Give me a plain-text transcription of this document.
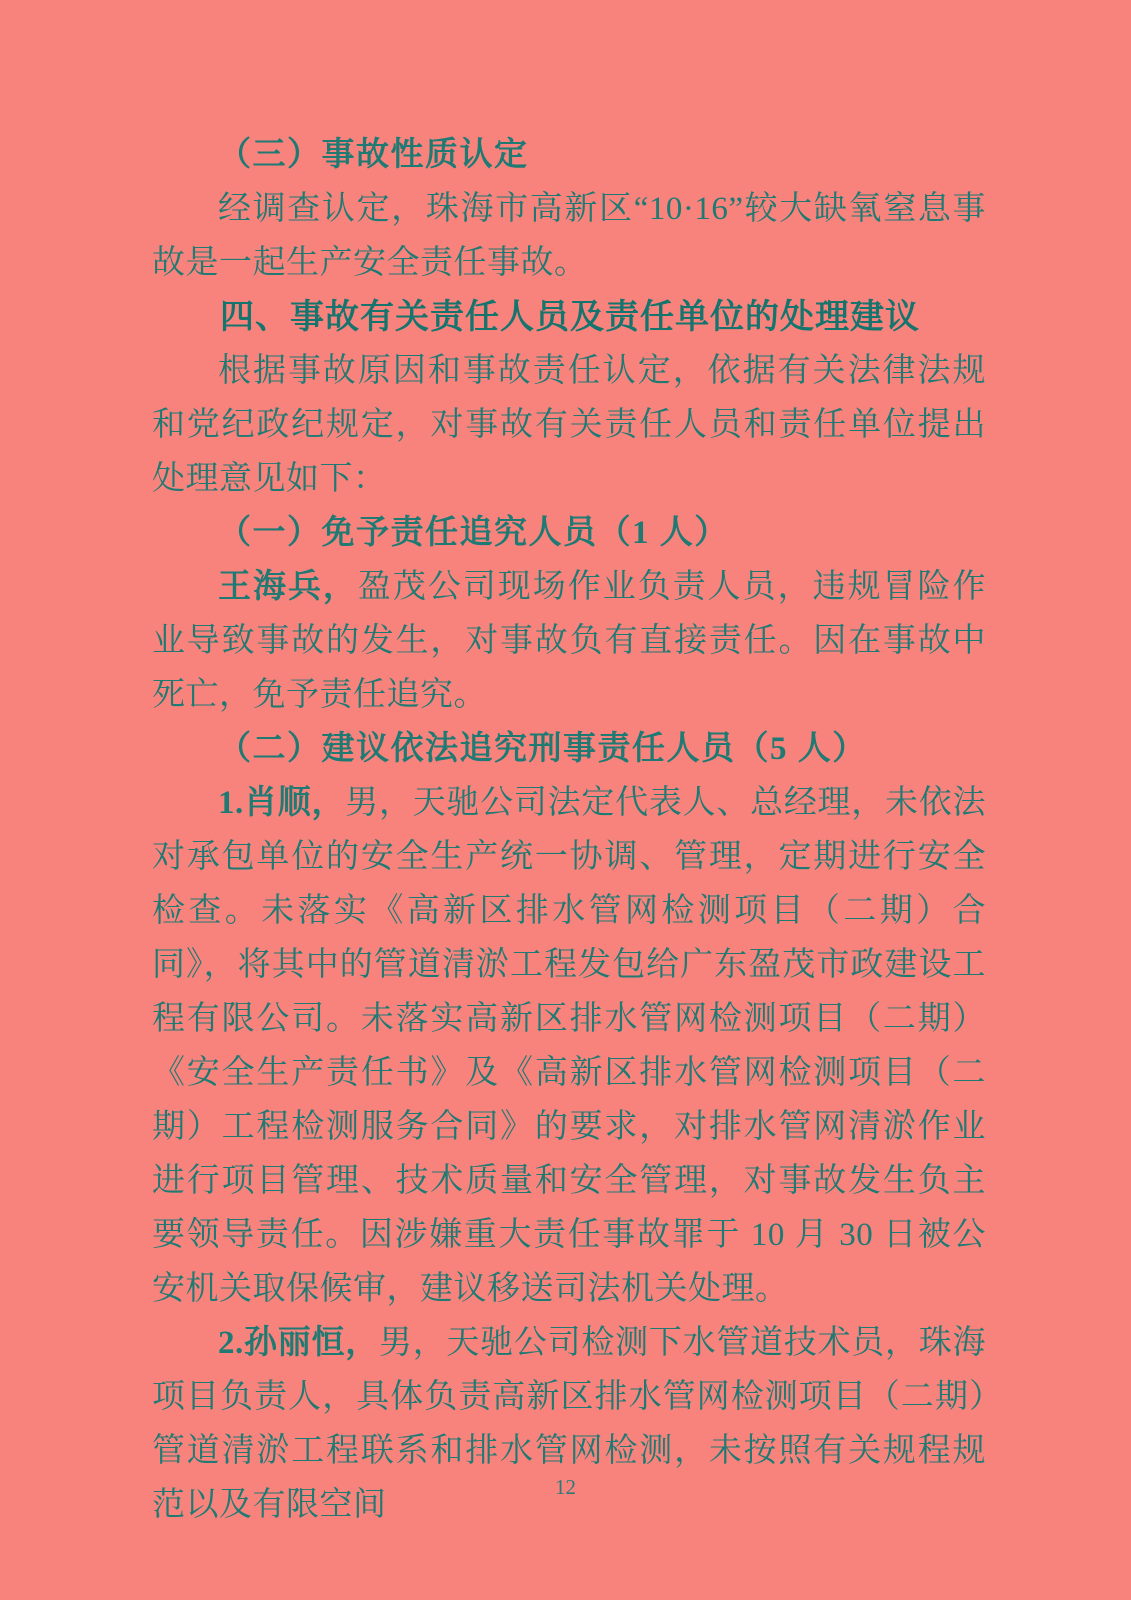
（三）事故性质认定

经调查认定，珠海市高新区“10·16”较大缺氧窒息事故是一起生产安全责任事故。

四、事故有关责任人员及责任单位的处理建议

根据事故原因和事故责任认定，依据有关法律法规和党纪政纪规定，对事故有关责任人员和责任单位提出处理意见如下：

（一）免予责任追究人员（1 人）

王海兵，盈茂公司现场作业负责人员，违规冒险作业导致事故的发生，对事故负有直接责任。因在事故中死亡，免予责任追究。

（二）建议依法追究刑事责任人员（5 人）

1.肖顺，男，天驰公司法定代表人、总经理，未依法对承包单位的安全生产统一协调、管理，定期进行安全检查。未落实《高新区排水管网检测项目（二期）合同》，将其中的管道清淤工程发包给广东盈茂市政建设工程有限公司。未落实高新区排水管网检测项目（二期）《安全生产责任书》及《高新区排水管网检测项目（二期）工程检测服务合同》的要求，对排水管网清淤作业进行项目管理、技术质量和安全管理，对事故发生负主要领导责任。因涉嫌重大责任事故罪于 10 月 30 日被公安机关取保候审，建议移送司法机关处理。

2.孙丽恒，男，天驰公司检测下水管道技术员，珠海项目负责人，具体负责高新区排水管网检测项目（二期）管道清淤工程联系和排水管网检测，未按照有关规程规范以及有限空间	12
